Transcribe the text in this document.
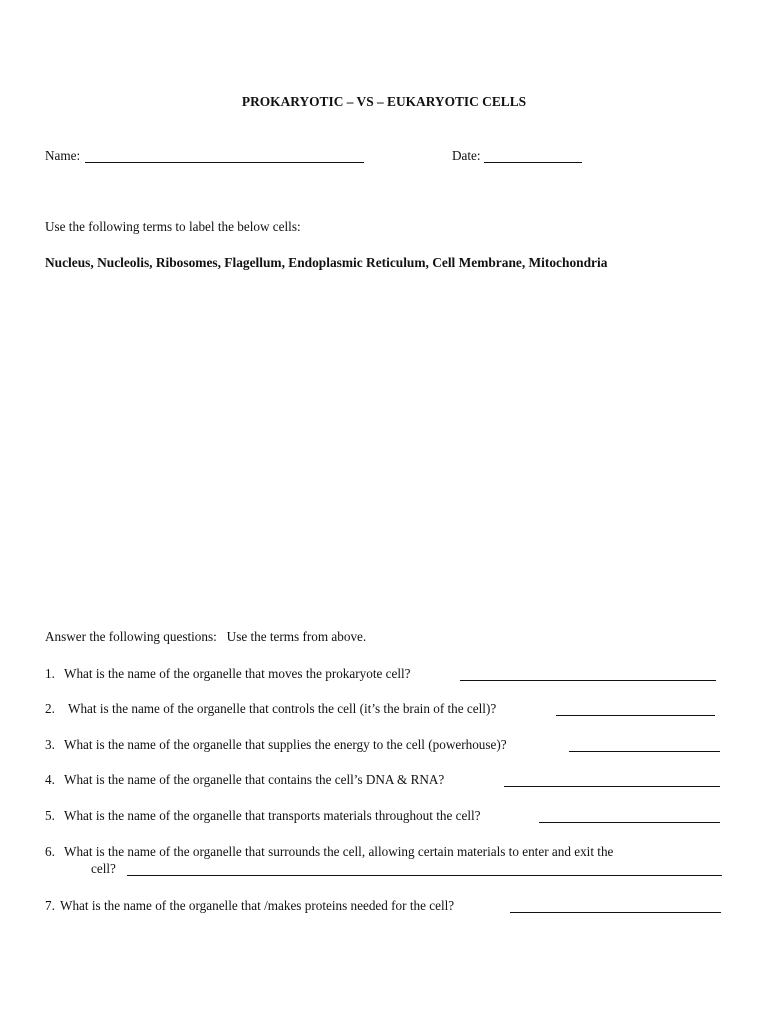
PROKARYOTIC – VS – EUKARYOTIC CELLS
Name:	Date:
Use the following terms to label the below cells:
Nucleus, Nucleolis, Ribosomes, Flagellum, Endoplasmic Reticulum, Cell Membrane, Mitochondria
Answer the following questions:   Use the terms from above.
1. What is the name of the organelle that moves the prokaryote cell?
2. What is the name of the organelle that controls the cell (it’s the brain of the cell)?
3. What is the name of the organelle that supplies the energy to the cell (powerhouse)?
4. What is the name of the organelle that contains the cell’s DNA & RNA?
5. What is the name of the organelle that transports materials throughout the cell?
6. What is the name of the organelle that surrounds the cell, allowing certain materials to enter and exit the
cell?
7. What is the name of the organelle that /makes proteins needed for the cell?
